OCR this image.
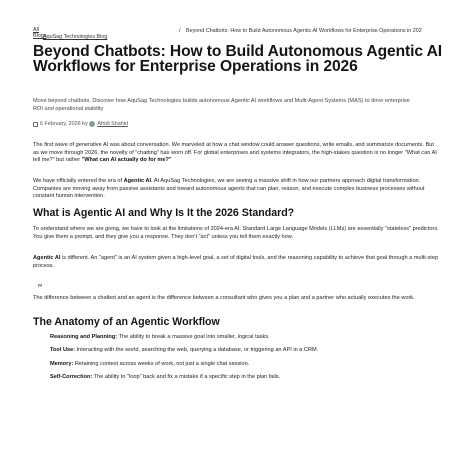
All
Blogs
AquSag Technologies Blog
/ Beyond Chatbots: How to Build Autonomous Agentic AI Workflows for Enterprise Operations in 202
Beyond Chatbots: How to Build Autonomous Agentic AI Workflows for Enterprise Operations in 2026

Move beyond chatbots. Discover how AquSag Technologies builds autonomous Agentic AI workflows and Multi-Agent Systems (MAS) to drive enterprise ROI and operational stability

6 February, 2026 by Afridi Shahid

The first wave of generative AI was about conversation. We marveled at how a chat window could answer questions, write emails, and summarize documents. But as we move through 2026, the novelty of "chatting" has worn off. For global enterprises and systems integrators, the high-stakes question is no longer "What can AI tell me?" but rather "What can AI actually do for me?"

We have officially entered the era of Agentic AI. At AquSag Technologies, we are seeing a massive shift in how our partners approach digital transformation. Companies are moving away from passive assistants and toward autonomous agents that can plan, reason, and execute complex business processes without constant human intervention.

What is Agentic AI and Why Is It the 2026 Standard?

To understand where we are going, we have to look at the limitations of 2024-era AI. Standard Large Language Models (LLMs) are essentially "stateless" predictors. You give them a prompt, and they give you a response. They don't "act" unless you tell them exactly how.

Agentic AI is different. An "agent" is an AI system given a high-level goal, a set of digital tools, and the reasoning capability to achieve that goal through a multi-step process.

“

The difference between a chatbot and an agent is the difference between a consultant who gives you a plan and a partner who actually executes the work.

The Anatomy of an Agentic Workflow
Reasoning and Planning: The ability to break a massive goal into smaller, logical tasks.
Tool Use: Interacting with the world, searching the web, querying a database, or triggering an API in a CRM.
Memory: Retaining context across weeks of work, not just a single chat session.
Self-Correction: The ability to "loop" back and fix a mistake if a specific step in the plan fails.
